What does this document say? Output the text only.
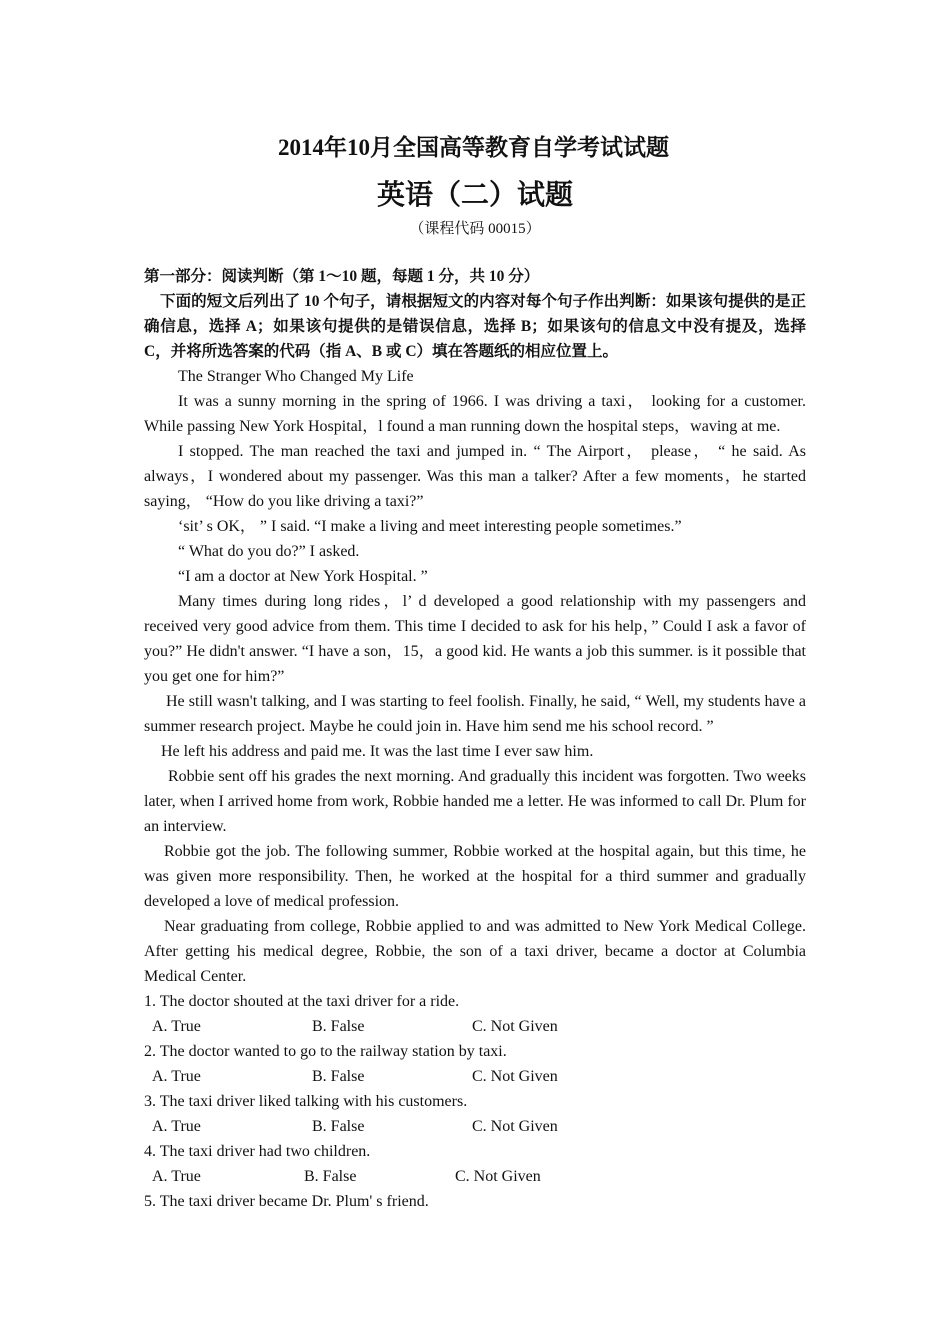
2014年10月全国高等教育自学考试试题
英语（二）试题
（课程代码 00015）
第一部分：阅读判断（第 1～10 题，每题 1 分，共 10 分）

下面的短文后列出了 10 个句子，请根据短文的内容对每个句子作出判断：如果该句提供的是正确信息，选择 A；如果该句提供的是错误信息，选择 B；如果该句的信息文中没有提及，选择 C，并将所选答案的代码（指 A、B 或 C）填在答题纸的相应位置上。

The Stranger Who Changed My Life

It was a sunny morning in the spring of 1966. I was driving a taxi， looking for a customer. While passing New York Hospital，l found a man running down the hospital steps，waving at me.

I stopped. The man reached the taxi and jumped in. “ The Airport， please， “ he said. As always，I wondered about my passenger. Was this man a talker? After a few moments，he started saying， “How do you like driving a taxi?”

‘sit’ s OK， ” I said. “I make a living and meet interesting people sometimes.”

“ What do you do?” I asked.

“I am a doctor at New York Hospital. ”

Many times during long rides，l’ d developed a good relationship with my passengers and received very good advice from them. This time I decided to ask for his help，” Could I ask a favor of you?” He didn't answer. “I have a son，15，a good kid. He wants a job this summer. is it possible that you get one for him?”

He still wasn't talking, and I was starting to feel foolish. Finally, he said, “ Well, my students have a summer research project. Maybe he could join in. Have him send me his school record. ”

He left his address and paid me. It was the last time I ever saw him.

Robbie sent off his grades the next morning. And gradually this incident was forgotten. Two weeks later, when I arrived home from work, Robbie handed me a letter. He was informed to call Dr. Plum for an interview.

Robbie got the job. The following summer, Robbie worked at the hospital again, but this time, he was given more responsibility. Then, he worked at the hospital for a third summer and gradually developed a love of medical profession.

Near graduating from college, Robbie applied to and was admitted to New York Medical College. After getting his medical degree, Robbie, the son of a taxi driver, became a doctor at Columbia Medical Center.

1. The doctor shouted at the taxi driver for a ride.
A. True	B. False	C. Not Given
2. The doctor wanted to go to the railway station by taxi.
A. True	B. False	C. Not Given
3. The taxi driver liked talking with his customers.
A. True	B. False	C. Not Given
4. The taxi driver had two children.
A. True	B. False	C. Not Given
5. The taxi driver became Dr. Plum' s friend.
